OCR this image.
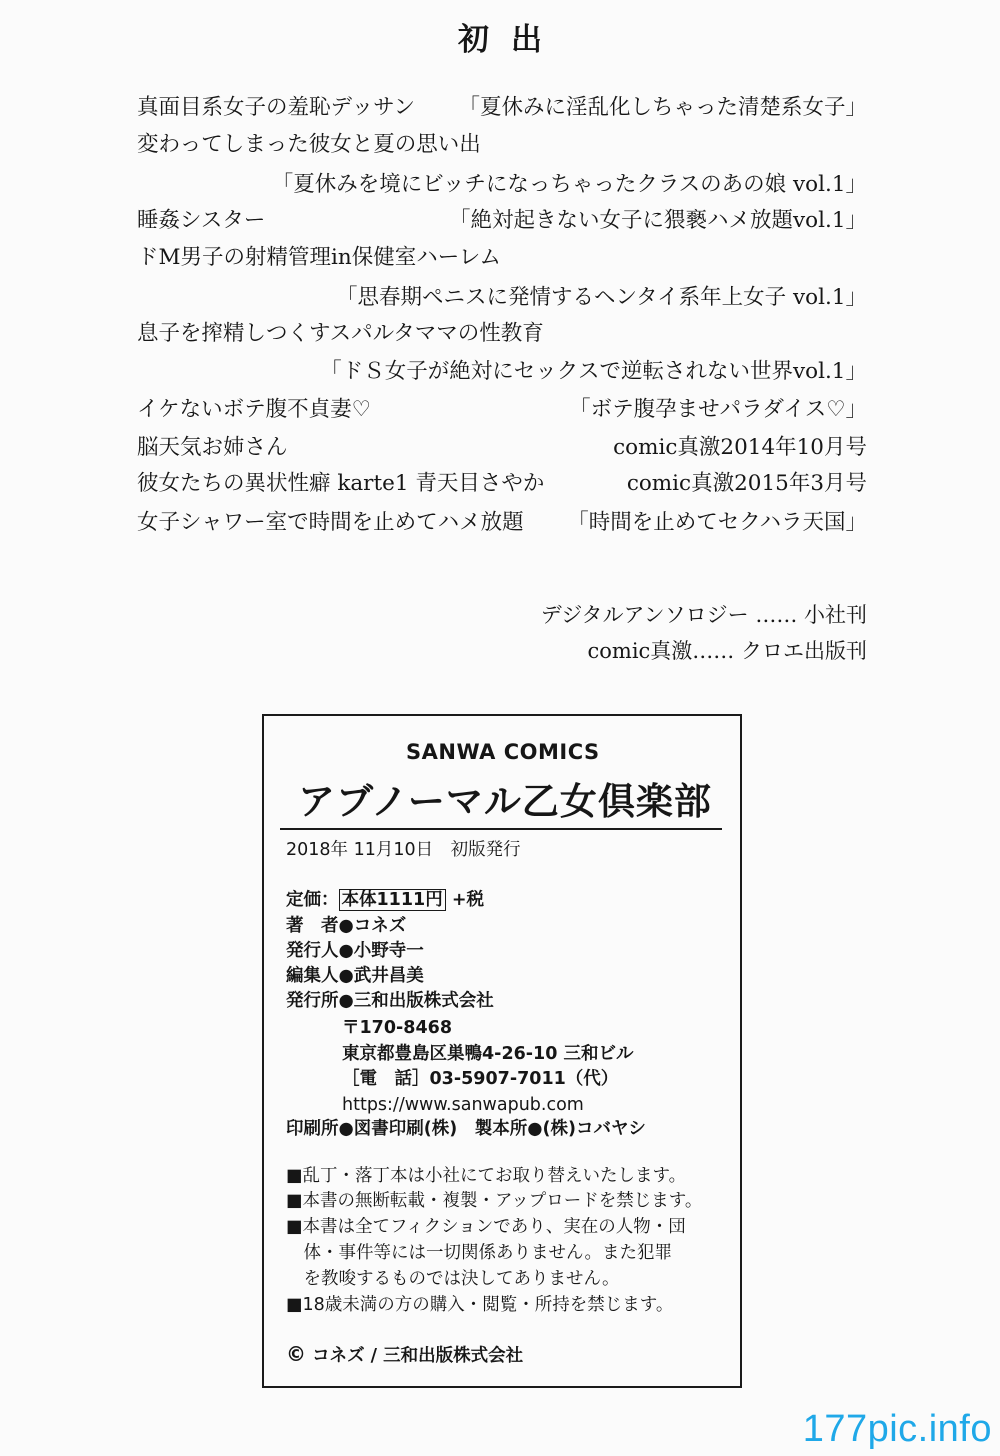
初出
真面目系女子の羞恥デッサン 「夏休みに淫乱化しちゃった清楚系女子」
変わってしまった彼女と夏の思い出
「夏休みを境にビッチになっちゃったクラスのあの娘 vol.1」
睡姦シスター	「絶対起きない女子に猥褻ハメ放題vol.1」
ドM男子の射精管理in保健室ハーレム
「思春期ペニスに発情するヘンタイ系年上女子 vol.1」
息子を搾精しつくすスパルタママの性教育
「ドＳ女子が絶対にセックスで逆転されない世界vol.1」
イケないボテ腹不貞妻♡	「ボテ腹孕ませパラダイス♡」
脳天気お姉さん	comic真激2014年10月号
彼女たちの異状性癖 karte1 青天目さやか	comic真激2015年3月号
女子シャワー室で時間を止めてハメ放題 「時間を止めてセクハラ天国」
デジタルアンソロジー …… 小社刊
comic真激…… クロエ出版刊
SANWA COMICS
アブノーマル乙女倶楽部
2018年 11月10日　初版発行
定価： 本体1111円 +税
著　者●コネズ
発行人●小野寺一
編集人●武井昌美
発行所●三和出版株式会社
〒170-8468
東京都豊島区巣鴨4-26-10 三和ビル
［電　話］03-5907-7011（代）
https://www.sanwapub.com
印刷所●図書印刷(株)　製本所●(株)コバヤシ
■乱丁・落丁本は小社にてお取り替えいたします。
■本書の無断転載・複製・アップロードを禁じます。
■本書は全てフィクションであり、実在の人物・団
　体・事件等には一切関係ありません。また犯罪
　を教唆するものでは決してありません。
■18歳未満の方の購入・閲覧・所持を禁じます。
© コネズ / 三和出版株式会社
177pic.info
